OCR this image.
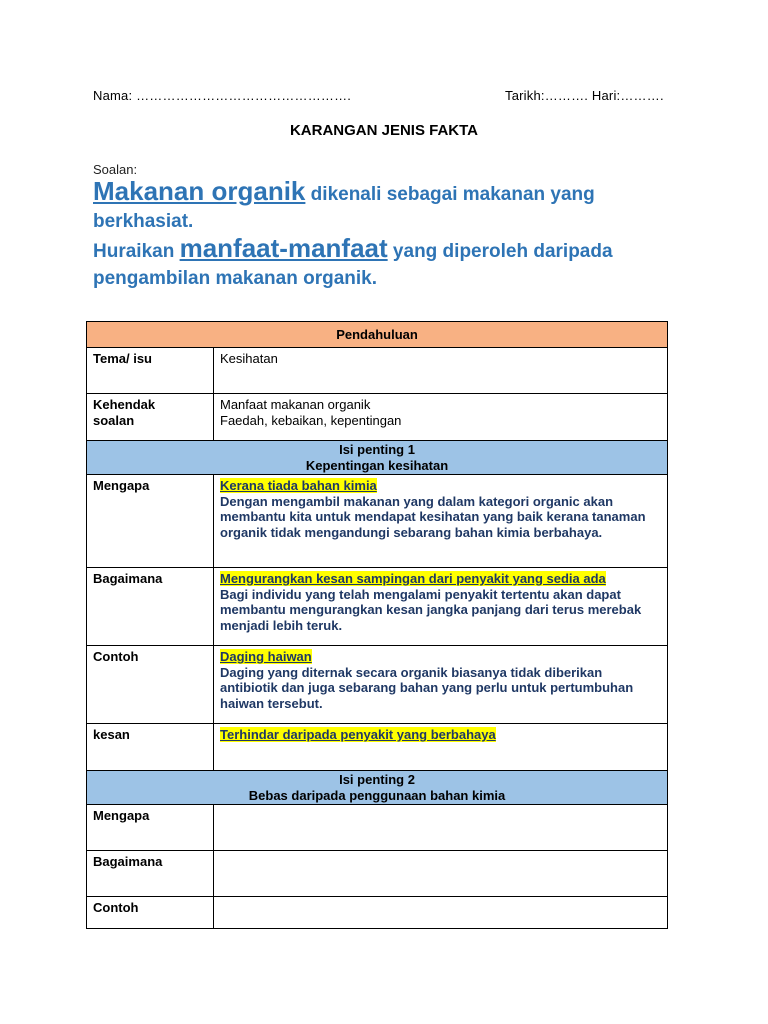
Nama: ………………………………………….	Tarikh:………. Hari:……….
KARANGAN JENIS FAKTA
Soalan:

Makanan organik dikenali sebagai makanan yang berkhasiat.

Huraikan manfaat-manfaat yang diperoleh daripada pengambilan makanan organik.

Pendahuluan	
Tema/ isu	Kesihatan

Kehendak
soalan	Manfaat makanan organik
Faedah, kebaikan, kepentingan

Isi penting 1
Kepentingan kesihatan	

Mengapa	Kerana tiada bahan kimia
Dengan mengambil makanan yang dalam kategori organic akan membantu kita untuk mendapat kesihatan yang baik kerana tanaman organik tidak mengandungi sebarang bahan kimia berbahaya.

Bagaimana	Mengurangkan kesan sampingan dari penyakit yang sedia ada
Bagi individu yang telah mengalami penyakit tertentu akan dapat membantu mengurangkan kesan jangka panjang dari terus merebak menjadi lebih teruk.

Contoh	Daging haiwan
Daging yang diternak secara organik biasanya tidak diberikan antibiotik dan juga sebarang bahan yang perlu untuk pertumbuhan haiwan tersebut.

kesan	Terhindar daripada penyakit yang berbahaya

Isi penting 2
Bebas daripada penggunaan bahan kimia	

Mengapa	
Bagaimana	
Contoh	
